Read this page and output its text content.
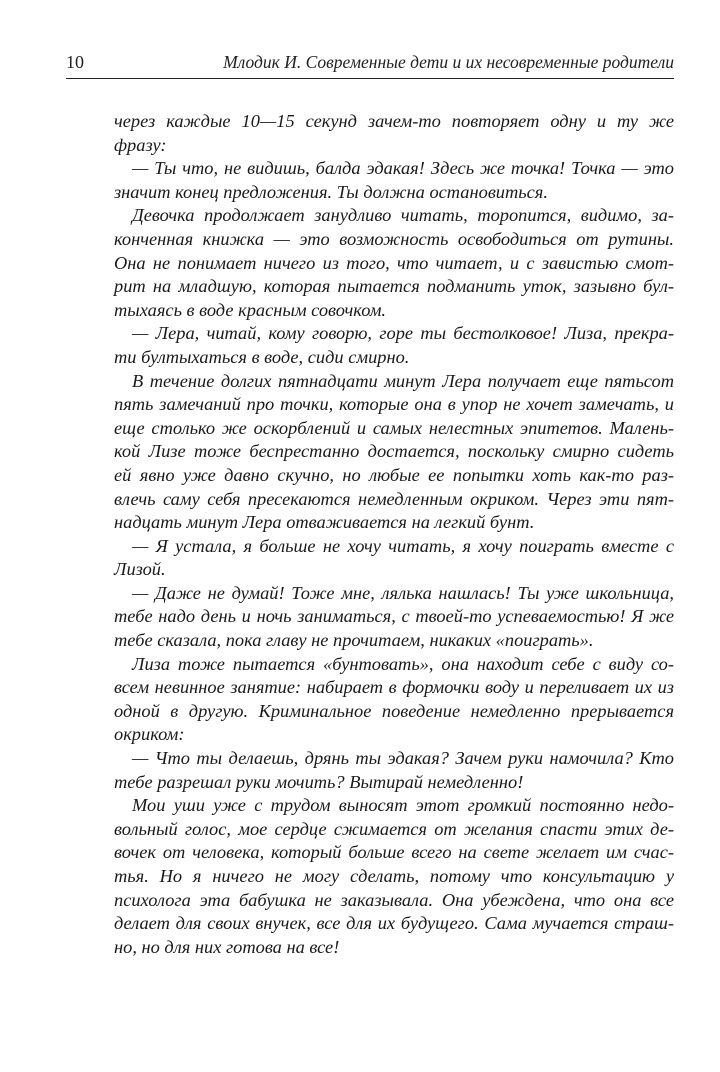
10	Млодик И. Современные дети и их несовременные родители
через каждые 10—15 секунд зачем-то повторяет одну и ту же
фразу:
— Ты что, не видишь, балда эдакая! Здесь же точка! Точка — это
значит конец предложения. Ты должна остановиться.
Девочка продолжает занудливо читать, торопится, видимо, за-
конченная книжка — это возможность освободиться от рутины.
Она не понимает ничего из того, что читает, и с завистью смот-
рит на младшую, которая пытается подманить уток, зазывно бул-
тыхаясь в воде красным совочком.
— Лера, читай, кому говорю, горе ты бестолковое! Лиза, прекра-
ти бултыхаться в воде, сиди смирно.
В течение долгих пятнадцати минут Лера получает еще пятьсот
пять замечаний про точки, которые она в упор не хочет замечать, и
еще столько же оскорблений и самых нелестных эпитетов. Малень-
кой Лизе тоже беспрестанно достается, поскольку смирно сидеть
ей явно уже давно скучно, но любые ее попытки хоть как-то раз-
влечь саму себя пресекаются немедленным окриком. Через эти пят-
надцать минут Лера отваживается на легкий бунт.
— Я устала, я больше не хочу читать, я хочу поиграть вместе с
Лизой.
— Даже не думай! Тоже мне, лялька нашлась! Ты уже школьница,
тебе надо день и ночь заниматься, с твоей-то успеваемостью! Я же
тебе сказала, пока главу не прочитаем, никаких «поиграть».
Лиза тоже пытается «бунтовать», она находит себе с виду со-
всем невинное занятие: набирает в формочки воду и переливает их из
одной в другую. Криминальное поведение немедленно прерывается
окриком:
— Что ты делаешь, дрянь ты эдакая? Зачем руки намочила? Кто
тебе разрешал руки мочить? Вытирай немедленно!
Мои уши уже с трудом выносят этот громкий постоянно недо-
вольный голос, мое сердце сжимается от желания спасти этих де-
вочек от человека, который больше всего на свете желает им счас-
тья. Но я ничего не могу сделать, потому что консультацию у
психолога эта бабушка не заказывала. Она убеждена, что она все
делает для своих внучек, все для их будущего. Сама мучается страш-
но, но для них готова на все!
